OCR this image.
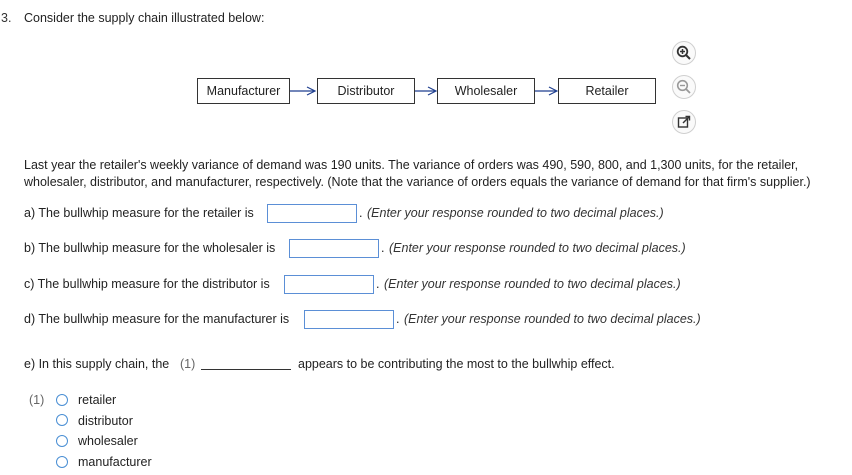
3. Consider the supply chain illustrated below:
Manufacturer	Distributor	Wholesaler	Retailer
Last year the retailer's weekly variance of demand was 190 units. The variance of orders was 490, 590, 800, and 1,300 units, for the retailer, wholesaler, distributor, and manufacturer, respectively. (Note that the variance of orders equals the variance of demand for that firm's supplier.)
a) The bullwhip measure for the retailer is	. (Enter your response rounded to two decimal places.)
b) The bullwhip measure for the wholesaler is	. (Enter your response rounded to two decimal places.)
c) The bullwhip measure for the distributor is	. (Enter your response rounded to two decimal places.)
d) The bullwhip measure for the manufacturer is	. (Enter your response rounded to two decimal places.)
e) In this supply chain, the (1)	appears to be contributing the most to the bullwhip effect.
(1)	retailer
distributor
wholesaler
manufacturer
